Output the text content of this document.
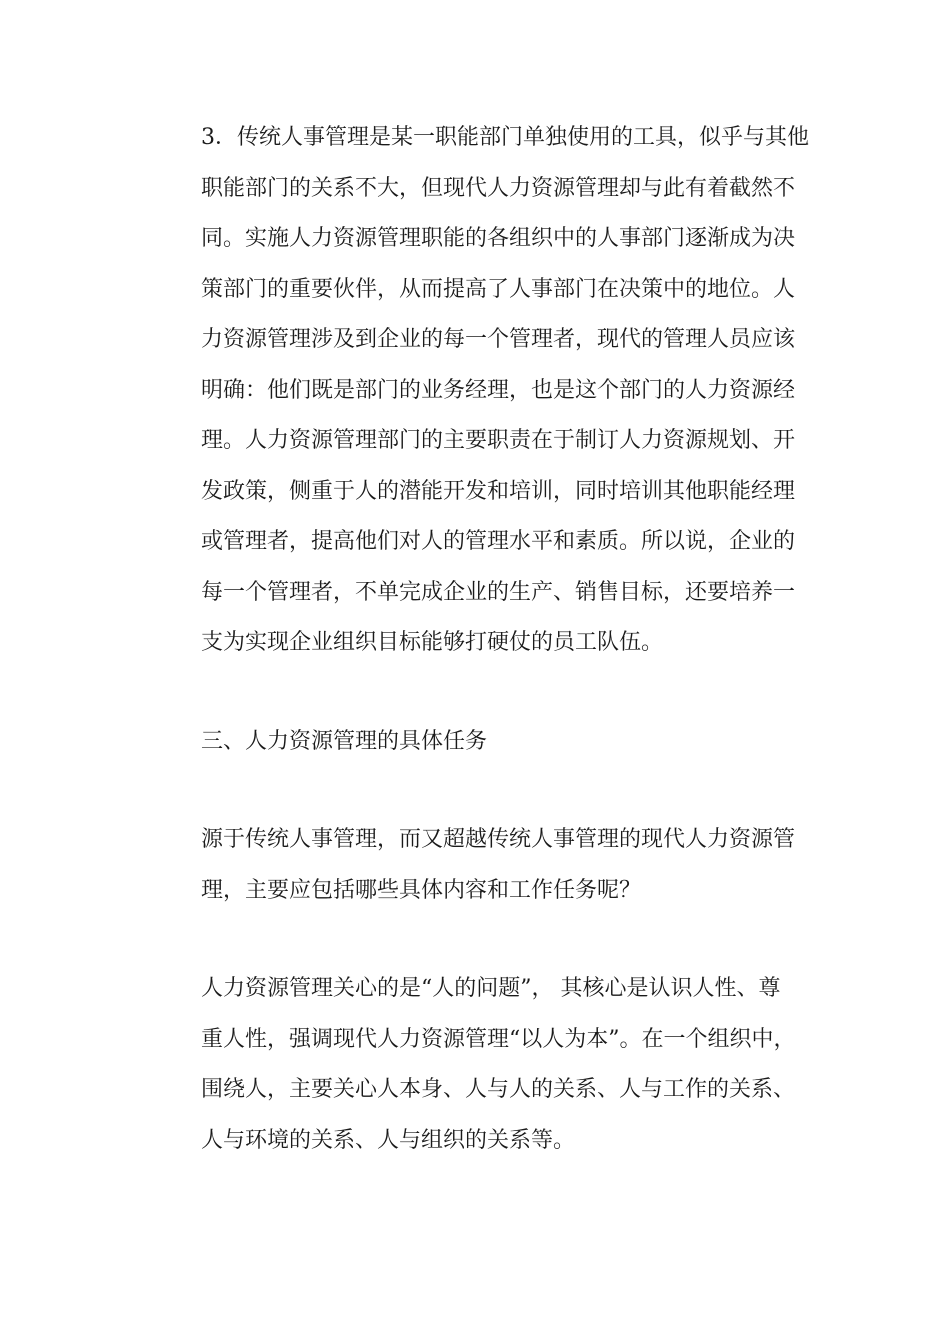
3．传统人事管理是某一职能部门单独使用的工具，似乎与其他
职能部门的关系不大，但现代人力资源管理却与此有着截然不
同。实施人力资源管理职能的各组织中的人事部门逐渐成为决
策部门的重要伙伴，从而提高了人事部门在决策中的地位。人
力资源管理涉及到企业的每一个管理者，现代的管理人员应该
明确：他们既是部门的业务经理，也是这个部门的人力资源经
理。人力资源管理部门的主要职责在于制订人力资源规划、开
发政策，侧重于人的潜能开发和培训，同时培训其他职能经理
或管理者，提高他们对人的管理水平和素质。所以说，企业的
每一个管理者，不单完成企业的生产、销售目标，还要培养一
支为实现企业组织目标能够打硬仗的员工队伍。

三、人力资源管理的具体任务

源于传统人事管理，而又超越传统人事管理的现代人力资源管
理，主要应包括哪些具体内容和工作任务呢？

人力资源管理关心的是“人的问题”， 其核心是认识人性、尊
重人性，强调现代人力资源管理“以人为本”。在一个组织中，
围绕人，主要关心人本身、人与人的关系、人与工作的关系、
人与环境的关系、人与组织的关系等。
